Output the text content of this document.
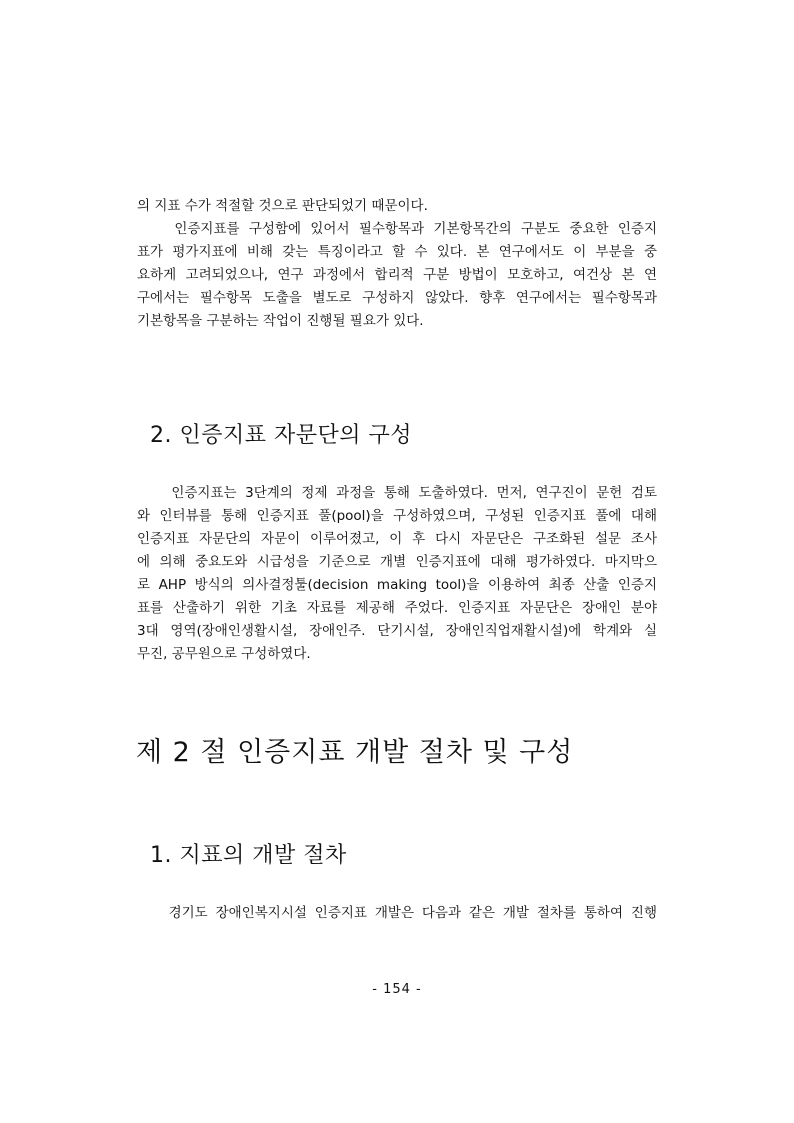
의 지표 수가 적절할 것으로 판단되었기 때문이다.
인증지표를 구성함에 있어서 필수항목과 기본항목간의 구분도 중요한 인증지
표가 평가지표에 비해 갖는 특징이라고 할 수 있다. 본 연구에서도 이 부분을 중
요하게 고려되었으나, 연구 과정에서 합리적 구분 방법이 모호하고, 여건상 본 연
구에서는 필수항목 도출을 별도로 구성하지 않았다. 향후 연구에서는 필수항목과
기본항목을 구분하는 작업이 진행될 필요가 있다.
2. 인증지표 자문단의 구성
인증지표는 3단계의 정제 과정을 통해 도출하였다. 먼저, 연구진이 문헌 검토
와 인터뷰를 통해 인증지표 풀(pool)을 구성하였으며, 구성된 인증지표 풀에 대해
인증지표 자문단의 자문이 이루어졌고, 이 후 다시 자문단은 구조화된 설문 조사
에 의해 중요도와 시급성을 기준으로 개별 인증지표에 대해 평가하였다. 마지막으
로 AHP 방식의 의사결정툴(decision making tool)을 이용하여 최종 산출 인증지
표를 산출하기 위한 기초 자료를 제공해 주었다. 인증지표 자문단은 장애인 분야
3대 영역(장애인생활시설, 장애인주. 단기시설, 장애인직업재활시설)에 학계와 실
무진, 공무원으로 구성하였다.
제 2 절 인증지표 개발 절차 및 구성
1. 지표의 개발 절차
경기도 장애인복지시설 인증지표 개발은 다음과 같은 개발 절차를 통하여 진행
- 154 -
